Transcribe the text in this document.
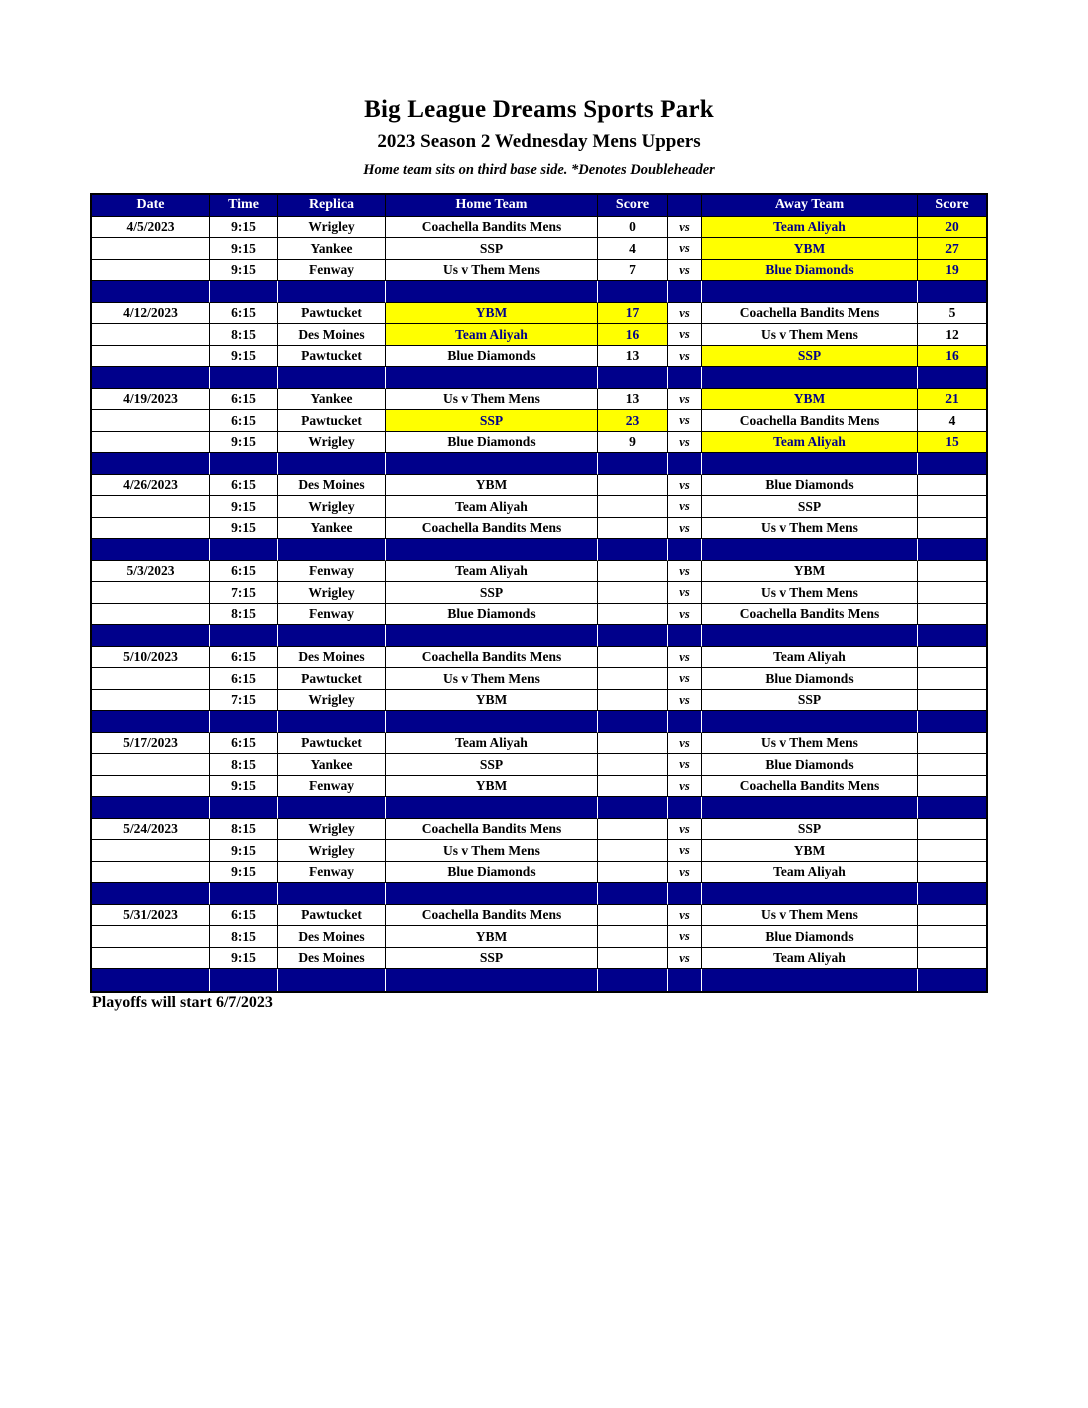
Big League Dreams Sports Park
2023 Season 2 Wednesday Mens Uppers
Home team sits on third base side. *Denotes Doubleheader
Date	Time	Replica	Home Team	Score		Away Team	Score
4/5/2023	9:15	Wrigley	Coachella Bandits Mens	0	vs	Team Aliyah	20
	9:15	Yankee	SSP	4	vs	YBM	27
	9:15	Fenway	Us v Them Mens	7	vs	Blue Diamonds	19

4/12/2023	6:15	Pawtucket	YBM	17	vs	Coachella Bandits Mens	5
	8:15	Des Moines	Team Aliyah	16	vs	Us v Them Mens	12
	9:15	Pawtucket	Blue Diamonds	13	vs	SSP	16

4/19/2023	6:15	Yankee	Us v Them Mens	13	vs	YBM	21
	6:15	Pawtucket	SSP	23	vs	Coachella Bandits Mens	4
	9:15	Wrigley	Blue Diamonds	9	vs	Team Aliyah	15

4/26/2023	6:15	Des Moines	YBM		vs	Blue Diamonds	
	9:15	Wrigley	Team Aliyah		vs	SSP	
	9:15	Yankee	Coachella Bandits Mens		vs	Us v Them Mens	

5/3/2023	6:15	Fenway	Team Aliyah		vs	YBM	
	7:15	Wrigley	SSP		vs	Us v Them Mens	
	8:15	Fenway	Blue Diamonds		vs	Coachella Bandits Mens	

5/10/2023	6:15	Des Moines	Coachella Bandits Mens		vs	Team Aliyah	
	6:15	Pawtucket	Us v Them Mens		vs	Blue Diamonds	
	7:15	Wrigley	YBM		vs	SSP	

5/17/2023	6:15	Pawtucket	Team Aliyah		vs	Us v Them Mens	
	8:15	Yankee	SSP		vs	Blue Diamonds	
	9:15	Fenway	YBM		vs	Coachella Bandits Mens	

5/24/2023	8:15	Wrigley	Coachella Bandits Mens		vs	SSP	
	9:15	Wrigley	Us v Them Mens		vs	YBM	
	9:15	Fenway	Blue Diamonds		vs	Team Aliyah	

5/31/2023	6:15	Pawtucket	Coachella Bandits Mens		vs	Us v Them Mens	
	8:15	Des Moines	YBM		vs	Blue Diamonds	
	9:15	Des Moines	SSP		vs	Team Aliyah	

Playoffs will start 6/7/2023
